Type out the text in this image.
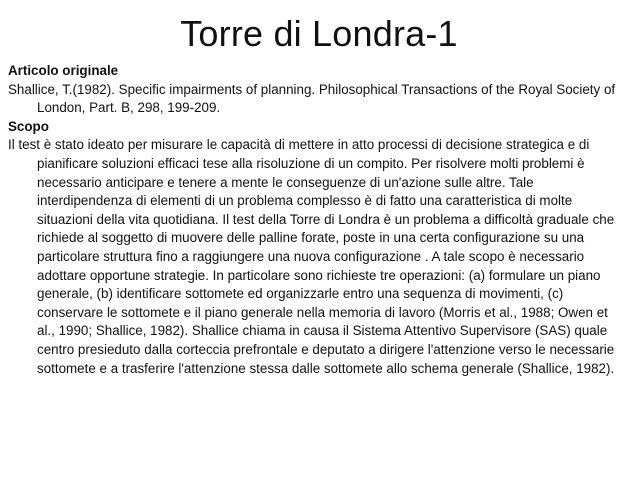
Torre di Londra-1

Articolo originale

Shallice, T.(1982). Specific impairments of planning. Philosophical Transactions of the Royal Society of London, Part. B, 298, 199-209.

Scopo

Il test è stato ideato per misurare le capacità di mettere in atto processi di decisione strategica e di pianificare soluzioni efficaci tese alla risoluzione di un compito. Per risolvere molti problemi è necessario anticipare e tenere a mente le conseguenze di un'azione sulle altre. Tale interdipendenza di elementi di un problema complesso è di fatto una caratteristica di molte situazioni della vita quotidiana. Il test della Torre di Londra è un problema a difficoltà graduale che richiede al soggetto di muovere delle palline forate, poste in una certa configurazione su una particolare struttura fino a raggiungere una nuova configurazione . A tale scopo è necessario adottare opportune strategie. In particolare sono richieste tre operazioni: (a) formulare un piano generale, (b) identificare sottomete ed organizzarle entro una sequenza di movimenti, (c) conservare le sottomete e il piano generale nella memoria di lavoro (Morris et al., 1988; Owen et al., 1990; Shallice, 1982). Shallice chiama in causa il Sistema Attentivo Supervisore (SAS) quale centro presieduto dalla corteccia prefrontale e deputato a dirigere l'attenzione verso le necessarie sottomete e a trasferire l'attenzione stessa dalle sottomete allo schema generale (Shallice, 1982).
